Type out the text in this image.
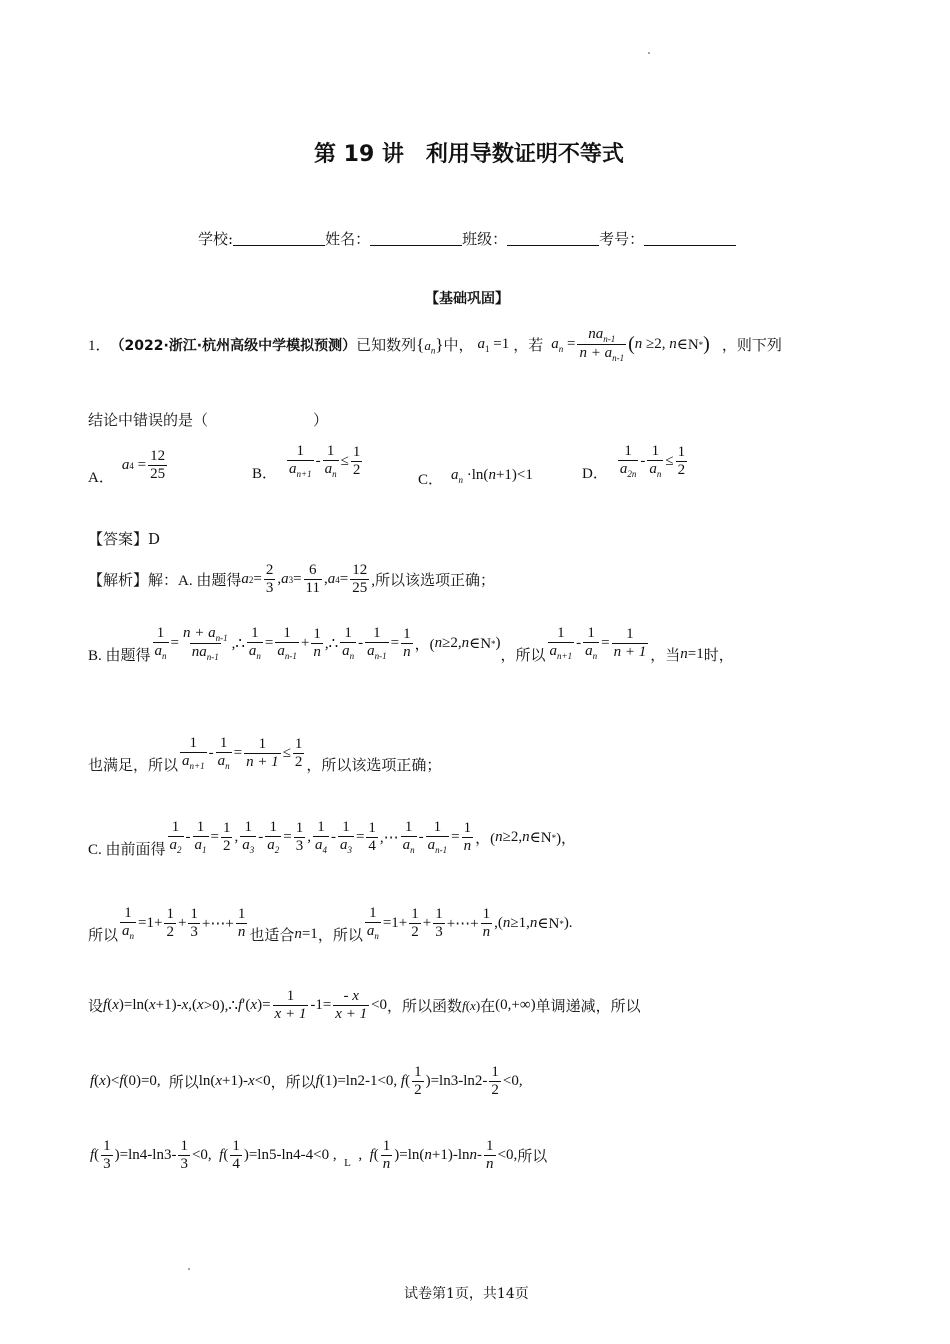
第 19 讲　利用导数证明不等式
学校:	姓名：	班级：	考号：
【基础巩固】
1． （2022·浙江·杭州高级中学模拟预测） 已知数列 $\{a_n\}$ 中， $a_1 =1$ ，若 $a_n = \frac{na_{n-1}}{n + a_{n-1}}$ ( n ≥2, n ∈N * ) ，则下列
结论中错误的是（　　　　　　　）
A．
a $4 = \frac{12}{25}$	B． $\frac{1}{a_{n+1}} - \frac{1}{a_n} \le \frac{1}{2}$
C． $a_n \cdot\ln(n+1)<1$	D． $\frac{1}{a_{2n}} - \frac{1}{a_n} \le \frac{1}{2}$
【答案】D
【解析】解：A. 由题得 a $2 = \frac{2}{3}$ , a $3 = \frac{6}{11}$ , a $4 = \frac{12}{25}$ ,所以该选项正确；
B. 由题得 $\frac{1}{a_n} = \frac{n + a_{n-1}}{na_{n-1}}$ ,∴ $\frac{1}{a_n} = \frac{1}{a_{n-1}} + \frac{1}{n}$ ,∴ $\frac{1}{a_n} - \frac{1}{a_{n-1}} = \frac{1}{n}$ ，( n ≥2, n ∈N * )
，所以 $\frac{1}{a_{n+1}} - \frac{1}{a_n} = \frac{1}{n + 1}$ ，当 n =1 时，
也满足，所以 $\frac{1}{a_{n+1}} - \frac{1}{a_n} = \frac{1}{n + 1} \le \frac{1}{2}$ ，所以该选项正确；
C. 由前面得 $\frac{1}{a_2} - \frac{1}{a_1} = \frac{1}{2}$ , $\frac{1}{a_3} - \frac{1}{a_2} = \frac{1}{3}$ , $\frac{1}{a_4} - \frac{1}{a_3} = \frac{1}{4}$ ,⋯ $\frac{1}{a_n} - \frac{1}{a_{n-1}} = \frac{1}{n}$ ，( n ≥2, n ∈N * )，
所以 $\frac{1}{a_n} =1+ \frac{1}{2} + \frac{1}{3}$ +⋯+ $\frac{1}{n}$ 也适合 n=1 ，所以 $\frac{1}{a_n} =1+ \frac{1}{2} + \frac{1}{3}$ +⋯+ $\frac{1}{n}$ ,( n ≥1, n ∈N * ).
设 f ( x )=ln( x +1)- x ,( x >0),∴ f ′( x )= $\frac{1}{x + 1} -1= \frac{- x}{x + 1} <0$ ，所以函数 f(x) 在 (0,+∞) 单调递减，所以
f(x)<f(0)=0, 所以 ln(x+1)-x<0 ，所以 f (1)=ln2-1<0, f ( $\frac{1}{2} )=\ln 3-\ln 2- \frac{1}{2} <0$,
f ( $\frac{1}{3} )=\ln 4-\ln 3- \frac{1}{3} <0$, f ( $\frac{1}{4} )=\ln 5-\ln 4-4<0$ , L , f ( $\frac{1}{n} )=\ln$( n +1)-ln $n - \frac{1}{n} <0$, 所以
试卷第1页，共14页
